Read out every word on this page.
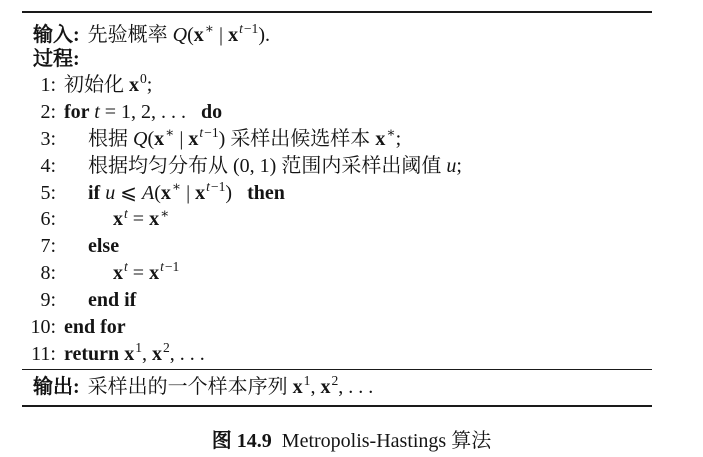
输入: 先验概率 Q(x∗ | $x^{t-1}$).
过程:
1: 初始化 $x^0$;
2: for t = 1, 2, . . .   do
3: 根据 Q(x∗ | $x^{t-1}$) 采样出候选样本 x∗;
4: 根据均匀分布从 (0, 1) 范围内采样出阈值 u;
5: if u ⩽ A(x∗ | $x^{t-1}$)   then
6:	$x^t = x^∗$
7: else
8:	$x^t = x^{t-1}$
9: end if
10: end for
11: return $x^1$, $x^2$, . . .
输出: 采样出的一个样本序列 $x^1$, $x^2$, . . .
图 14.9 Metropolis-Hastings 算法
